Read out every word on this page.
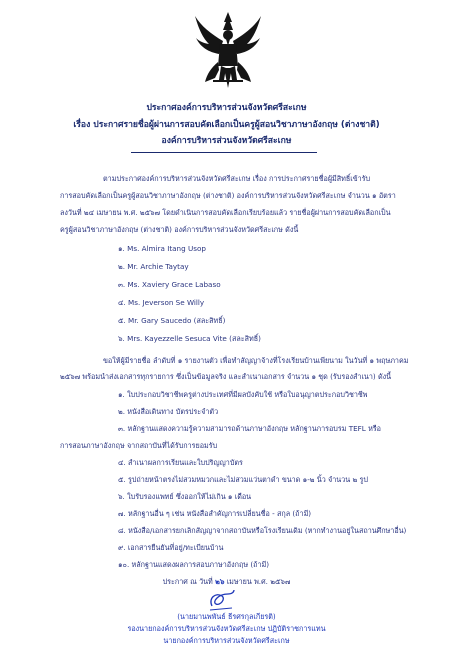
ประกาศองค์การบริหารส่วนจังหวัดศรีสะเกษ
เรื่อง ประกาศรายชื่อผู้ผ่านการสอบคัดเลือกเป็นครูผู้สอนวิชาภาษาอังกฤษ (ต่างชาติ)
องค์การบริหารส่วนจังหวัดศรีสะเกษ
ตามประกาศองค์การบริหารส่วนจังหวัดศรีสะเกษ เรื่อง การประกาศรายชื่อผู้มีสิทธิ์เข้ารับ
การสอบคัดเลือกเป็นครูผู้สอนวิชาภาษาอังกฤษ (ต่างชาติ) องค์การบริหารส่วนจังหวัดศรีสะเกษ จำนวน ๑ อัตรา
ลงวันที่ ๒๔ เมษายน พ.ศ. ๒๕๖๗ โดยดำเนินการสอบคัดเลือกเรียบร้อยแล้ว รายชื่อผู้ผ่านการสอบคัดเลือกเป็น
ครูผู้สอนวิชาภาษาอังกฤษ (ต่างชาติ) องค์การบริหารส่วนจังหวัดศรีสะเกษ ดังนี้
๑. Ms. Almira Itang Usop
๒. Mr. Archie Taytay
๓. Ms. Xaviery Grace Labaso
๔. Ms. Jeverson Se Willy
๕. Mr. Gary Saucedo (สละสิทธิ์)
๖. Mrs. Kayezzelle Sesuca Vite (สละสิทธิ์)
ขอให้ผู้มีรายชื่อ ลำดับที่ ๑ รายงานตัว เพื่อทำสัญญาจ้างที่โรงเรียนบ้านเพียนาม ในวันที่ ๑ พฤษภาคม
๒๕๖๗ พร้อมนำส่งเอกสารทุกรายการ ซึ่งเป็นข้อมูลจริง และสำเนาเอกสาร จำนวน ๑ ชุด (รับรองสำเนา) ดังนี้
๑. ใบประกอบวิชาชีพครูต่างประเทศที่มีผลบังคับใช้ หรือใบอนุญาตประกอบวิชาชีพ
๒. หนังสือเดินทาง บัตรประจำตัว
๓. หลักฐานแสดงความรู้ความสามารถด้านภาษาอังกฤษ หลักฐานการอบรม TEFL หรือ
การสอนภาษาอังกฤษ จากสถาบันที่ได้รับการยอมรับ
๔. สำเนาผลการเรียนและใบปริญญาบัตร
๕. รูปถ่ายหน้าตรงไม่สวมหมวกและไม่สวมแว่นตาดำ ขนาด ๑-๒ นิ้ว จำนวน ๒ รูป
๖. ใบรับรองแพทย์ ซึ่งออกให้ไม่เกิน ๑ เดือน
๗. หลักฐานอื่น ๆ เช่น หนังสือสำคัญการเปลี่ยนชื่อ - สกุล (ถ้ามี)
๘. หนังสือ/เอกสารยกเลิกสัญญาจากสถาบันหรือโรงเรียนเดิม (หากทำงานอยู่ในสถานศึกษาอื่น)
๙. เอกสารยืนยันที่อยู่/ทะเบียนบ้าน
๑๐. หลักฐานแสดงผลการสอบภาษาอังกฤษ (ถ้ามี)
ประกาศ ณ วันที่ ๒๖ เมษายน พ.ศ. ๒๕๖๗
(นายมานพพันธ์ ธีรศรกุลเกียรติ)
รองนายกองค์การบริหารส่วนจังหวัดศรีสะเกษ ปฏิบัติราชการแทน
นายกองค์การบริหารส่วนจังหวัดศรีสะเกษ
